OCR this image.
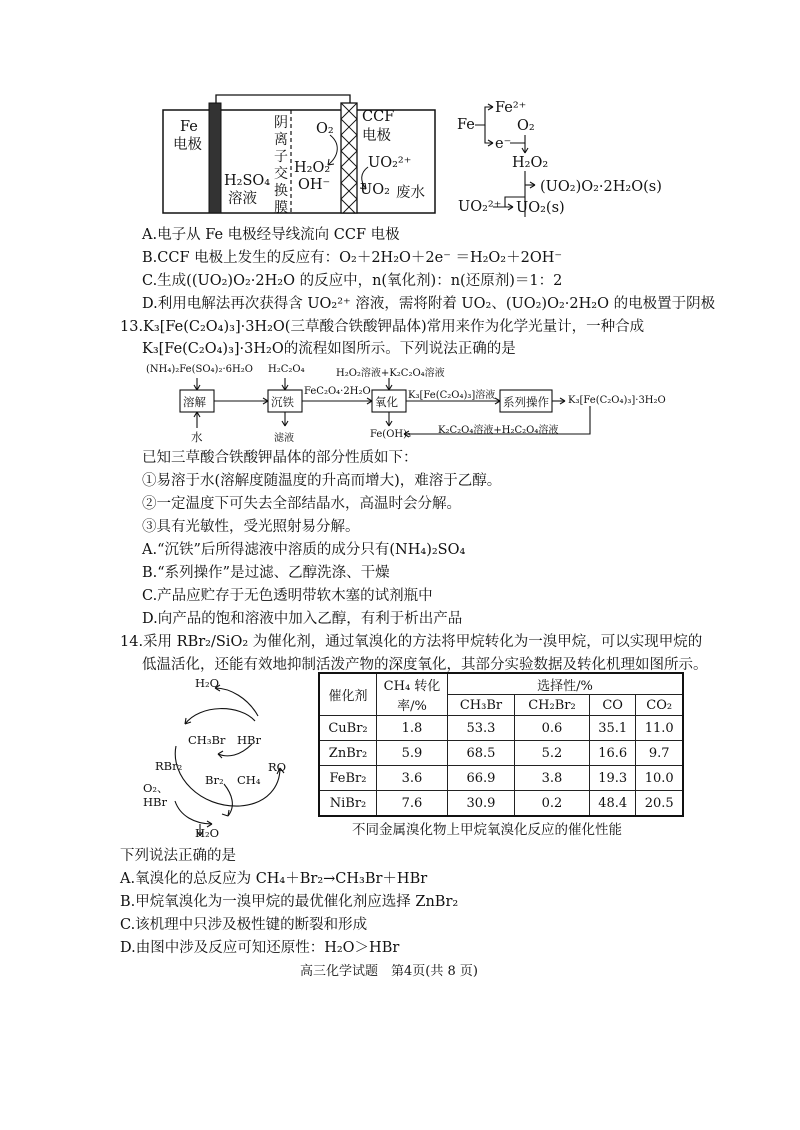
Fe
电极
阴离子交换膜
CCF
电极
H₂SO₄
溶液
O₂
H₂O₂
OH⁻
UO₂²⁺
UO₂ 废水
Fe
Fe²⁺
e⁻
O₂
H₂O₂
(UO₂)O₂·2H₂O(s)
UO₂²⁺ UO₂(s)
A.电子从 Fe 电极经导线流向 CCF 电极
B.CCF 电极上发生的反应有：O₂＋2H₂O＋2e⁻ ＝H₂O₂＋2OH⁻
C.生成((UO₂)O₂·2H₂O 的反应中，n(氧化剂)：n(还原剂)＝1：2
D.利用电解法再次获得含 UO₂²⁺ 溶液，需将附着 UO₂、(UO₂)O₂·2H₂O 的电极置于阴极
13.K₃[Fe(C₂O₄)₃]·3H₂O(三草酸合铁酸钾晶体)常用来作为化学光量计，一种合成
K₃[Fe(C₂O₄)₃]·3H₂O的流程如图所示。下列说法正确的是
(NH₄)₂Fe(SO₄)₂·6H₂O H₂C₂O₄	H₂O₂溶液+K₂C₂O₄溶液
溶解	沉铁	氧化	系列操作
FeC₂O₄·2H₂O	K₃[Fe(C₂O₄)₃]溶液	K₃[Fe(C₂O₄)₃]·3H₂O
水	滤液	Fe(OH)₃	K₂C₂O₄溶液+H₂C₂O₄溶液
已知三草酸合铁酸钾晶体的部分性质如下：
①易溶于水(溶解度随温度的升高而增大)，难溶于乙醇。
②一定温度下可失去全部结晶水，高温时会分解。
③具有光敏性，受光照射易分解。
A.“沉铁”后所得滤液中溶质的成分只有(NH₄)₂SO₄
B.“系列操作”是过滤、乙醇洗涤、干燥
C.产品应贮存于无色透明带软木塞的试剂瓶中
D.向产品的饱和溶液中加入乙醇，有利于析出产品
14.采用 RBr₂/SiO₂ 为催化剂，通过氧溴化的方法将甲烷转化为一溴甲烷，可以实现甲烷的
低温活化，还能有效地抑制活泼产物的深度氧化，其部分实验数据及转化机理如图所示。
H₂O
CH₃Br HBr
RBr₂
Br₂ CH₄
RO
O₂、
HBr
H₂O
催化剂	CH₄ 转化	选择性/%			
	率/%	CH₃Br	CH₂Br₂	CO	CO₂
CuBr₂	1.8	53.3	0.6	35.1	11.0
ZnBr₂	5.9	68.5	5.2	16.6	9.7
FeBr₂	3.6	66.9	3.8	19.3	10.0
NiBr₂	7.6	30.9	0.2	48.4	20.5
不同金属溴化物上甲烷氧溴化反应的催化性能
下列说法正确的是
A.氧溴化的总反应为 CH₄＋Br₂→CH₃Br＋HBr
B.甲烷氧溴化为一溴甲烷的最优催化剂应选择 ZnBr₂
C.该机理中只涉及极性键的断裂和形成
D.由图中涉及反应可知还原性：H₂O＞HBr
高三化学试题　第4页(共 8 页)
